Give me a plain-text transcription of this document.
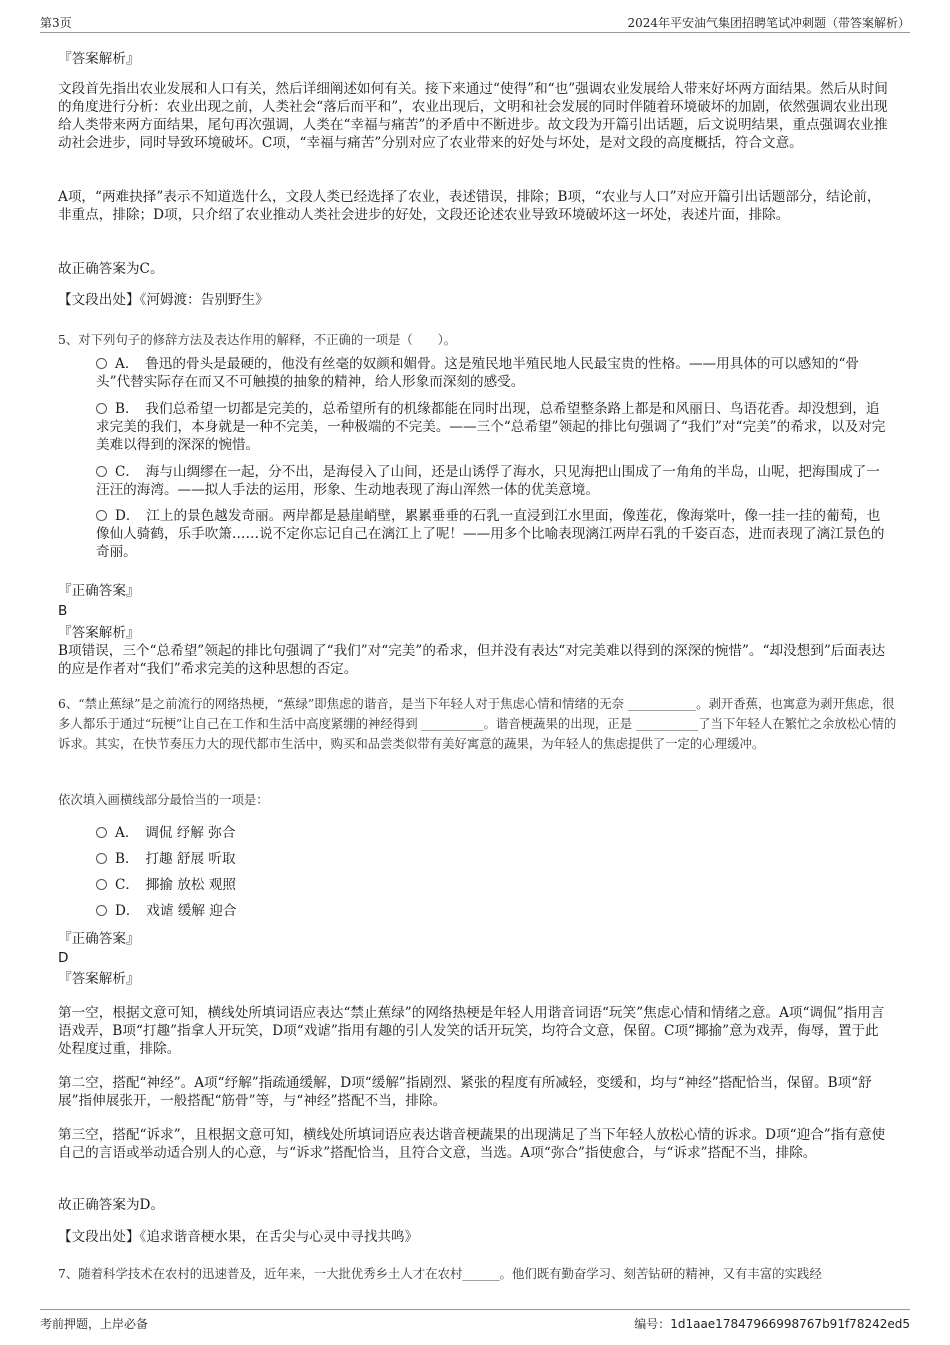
第3页	2024年平安油气集团招聘笔试冲刺题（带答案解析）
『答案解析』
文段首先指出农业发展和人口有关，然后详细阐述如何有关。接下来通过“使得”和“也”强调农业发展给人带来好坏两方面结果。然后从时间的角度进行分析：农业出现之前，人类社会“落后而平和”，农业出现后，文明和社会发展的同时伴随着环境破坏的加剧，依然强调农业出现给人类带来两方面结果，尾句再次强调，人类在“幸福与痛苦”的矛盾中不断进步。故文段为开篇引出话题，后文说明结果，重点强调农业推动社会进步，同时导致环境破坏。C项，“幸福与痛苦”分别对应了农业带来的好处与坏处，是对文段的高度概括，符合文意。
A项，“两难抉择”表示不知道选什么，文段人类已经选择了农业，表述错误，排除；B项，“农业与人口”对应开篇引出话题部分，结论前，非重点，排除；D项，只介绍了农业推动人类社会进步的好处，文段还论述农业导致环境破坏这一坏处，表述片面，排除。
故正确答案为C。
【文段出处】《河姆渡：告别野生》
5、对下列句子的修辞方法及表达作用的解释，不正确的一项是（　　）。
A．　鲁迅的骨头是最硬的，他没有丝毫的奴颜和媚骨。这是殖民地半殖民地人民最宝贵的性格。——用具体的可以感知的“骨头”代替实际存在而又不可触摸的抽象的精神，给人形象而深刻的感受。
B．　我们总希望一切都是完美的，总希望所有的机缘都能在同时出现，总希望整条路上都是和风丽日、鸟语花香。却没想到，追求完美的我们，本身就是一种不完美，一种极端的不完美。——三个“总希望”领起的排比句强调了“我们”对“完美”的希求，以及对完美难以得到的深深的惋惜。
C．　海与山绸缪在一起，分不出，是海侵入了山间，还是山诱俘了海水，只见海把山围成了一角角的半岛，山呢，把海围成了一汪汪的海湾。——拟人手法的运用，形象、生动地表现了海山浑然一体的优美意境。
D．　江上的景色越发奇丽。两岸都是悬崖峭壁，累累垂垂的石乳一直浸到江水里面，像莲花，像海棠叶，像一挂一挂的葡萄，也像仙人骑鹤，乐手吹箫……说不定你忘记自己在漓江上了呢！——用多个比喻表现漓江两岸石乳的千姿百态，进而表现了漓江景色的奇丽。
『正确答案』
B
『答案解析』
B项错误，三个“总希望”领起的排比句强调了“我们”对“完美”的希求，但并没有表达“对完美难以得到的深深的惋惜”。“却没想到”后面表达的应是作者对“我们”希求完美的这种思想的否定。
6、“禁止蕉绿”是之前流行的网络热梗，“蕉绿”即焦虑的谐音，是当下年轻人对于焦虑心情和情绪的无奈 ___________。剥开香蕉，也寓意为剥开焦虑，很多人都乐于通过“玩梗”让自己在工作和生活中高度紧绷的神经得到 __________。谐音梗蔬果的出现，正是 __________了当下年轻人在繁忙之余放松心情的诉求。其实，在快节奏压力大的现代都市生活中，购买和品尝类似带有美好寓意的蔬果，为年轻人的焦虑提供了一定的心理缓冲。
依次填入画横线部分最恰当的一项是：
A．　调侃 纾解 弥合
B．　打趣 舒展 听取
C．　揶揄 放松 观照
D．　戏谑 缓解 迎合
『正确答案』
D
『答案解析』
第一空，根据文意可知，横线处所填词语应表达“禁止蕉绿”的网络热梗是年轻人用谐音词语“玩笑”焦虑心情和情绪之意。A项“调侃”指用言语戏弄，B项“打趣”指拿人开玩笑，D项“戏谑”指用有趣的引人发笑的话开玩笑，均符合文意，保留。C项“揶揄”意为戏弄，侮辱，置于此处程度过重，排除。
第二空，搭配“神经”。A项“纾解”指疏通缓解，D项“缓解”指剧烈、紧张的程度有所减轻，变缓和，均与“神经”搭配恰当，保留。B项“舒展”指伸展张开，一般搭配“筋骨”等，与“神经”搭配不当，排除。
第三空，搭配“诉求”，且根据文意可知，横线处所填词语应表达谐音梗蔬果的出现满足了当下年轻人放松心情的诉求。D项“迎合”指有意使自己的言语或举动适合别人的心意，与“诉求”搭配恰当，且符合文意，当选。A项“弥合”指使愈合，与“诉求”搭配不当，排除。
故正确答案为D。
【文段出处】《追求谐音梗水果，在舌尖与心灵中寻找共鸣》
7、随着科学技术在农村的迅速普及，近年来，一大批优秀乡土人才在农村______。他们既有勤奋学习、刻苦钻研的精神，又有丰富的实践经
考前押题，上岸必备	编号：1d1aae17847966998767b91f78242ed5
